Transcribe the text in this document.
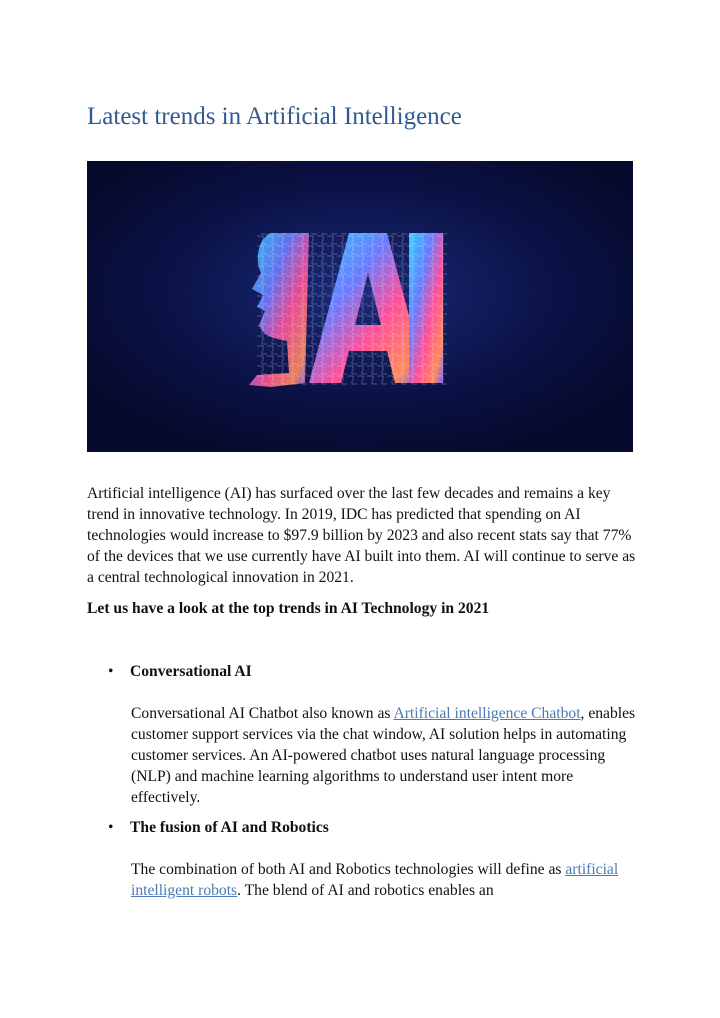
Latest trends in Artificial Intelligence
AI

Artificial intelligence (AI) has surfaced over the last few decades and remains a key trend in innovative technology. In 2019, IDC has predicted that spending on AI technologies would increase to $97.9 billion by 2023 and also recent stats say that 77% of the devices that we use currently have AI built into them. AI will continue to serve as a central technological innovation in 2021.

Let us have a look at the top trends in AI Technology in 2021

• Conversational AI

Conversational AI Chatbot also known as Artificial intelligence Chatbot, enables customer support services via the chat window, AI solution helps in automating customer services. An AI-powered chatbot uses natural language processing (NLP) and machine learning algorithms to understand user intent more effectively.

• The fusion of AI and Robotics

The combination of both AI and Robotics technologies will define as artificial intelligent robots. The blend of AI and robotics enables an
